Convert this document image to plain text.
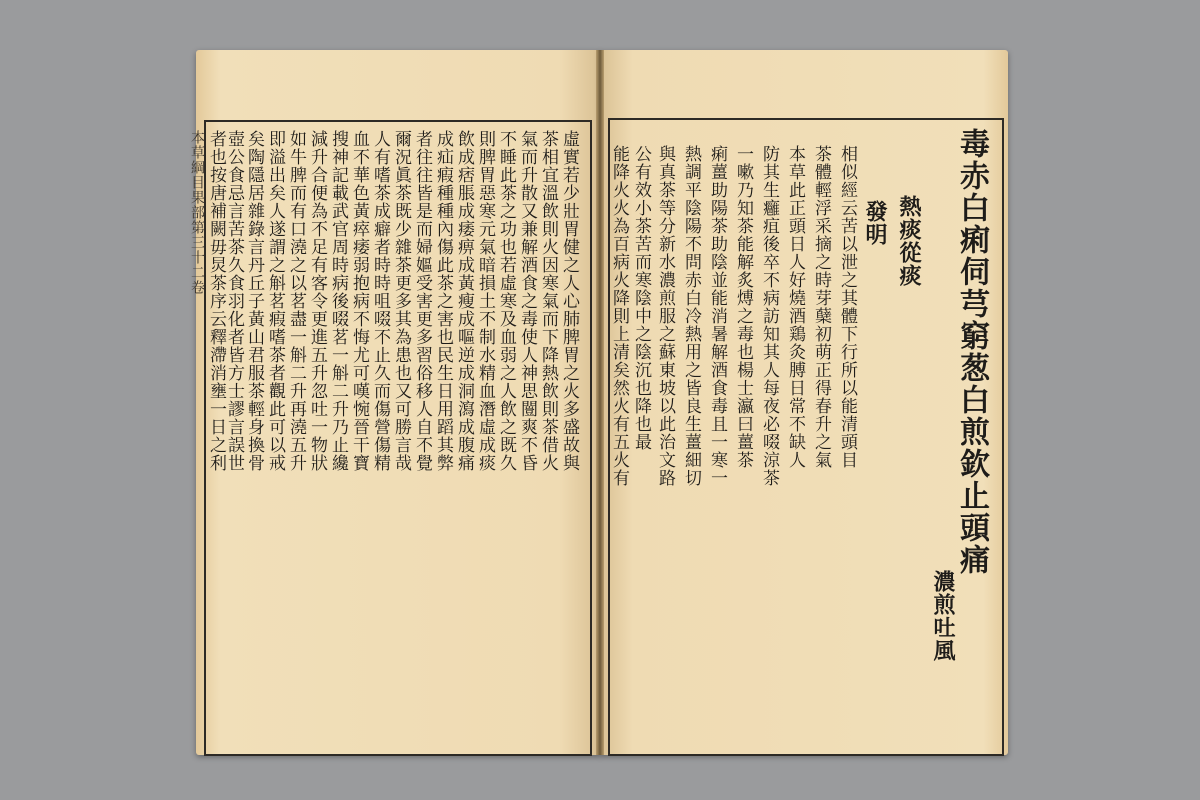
毒赤白痢伺芎窮葱白煎欽止頭痛
濃煎吐風
熱痰從痰
發明
相似經云苦以泄之其體下行所以能清頭目
茶體輕浮采摘之時芽蘖初萌正得春升之氣
本草此正頭日人好燒酒鶏灸膊日常不缺人
防其生癰疽後卒不病訪知其人每夜必啜涼茶
一嗽乃知茶能解炙煿之毒也楊士瀛曰薑茶
痢薑助陽茶助陰並能消暑解酒食毒且一寒一
熱調平陰陽不問赤白冷熱用之皆良生薑細切
與真茶等分新水濃煎服之蘇東坡以此治文路
公有效小茶苦而寒陰中之陰沉也降也最
能降火火為百病火降則上清矣然火有五火有
虛實若少壯胃健之人心肺脾胃之火多盛故與
茶相宜溫飲則火因寒氣而下降熱飲則茶借火
氣而升散又兼解酒食之毒使人神思闓爽不昏
不睡此茶之功也若虛寒及血弱之人飲之既久
則脾胃惡寒元氣暗損土不制水精血潛虛成痰
飲成痞脹成痿痹成黃瘦成嘔逆成洞瀉成腹痛
成疝瘕種種內傷此茶之害也民生日用蹈其弊
者往往皆是而婦嫗受害更多習俗移人自不覺
爾況眞茶既少雜茶更多其為患也又可勝言哉
人有嗜茶成癖者時時咀啜不止久而傷營傷精
血不華色黃瘁痿弱抱病不悔尤可嘆惋晉干寶
搜神記載武官周時病後啜茗一斛二升乃止纔
減升合便為不足有客令更進五升忽吐一物狀
如牛脾而有口澆之以茗盡一斛二升再澆五升
即溢出矣人遂謂之斛茗瘕嗜茶者觀此可以戒
矣陶隱居雜錄言丹丘子黃山君服茶輕身換骨
壺公食忌言苦茶久食羽化者皆方士謬言誤世
者也按唐補闕毋炅茶序云釋滯消壅一日之利
本草綱目果部第三十二卷
